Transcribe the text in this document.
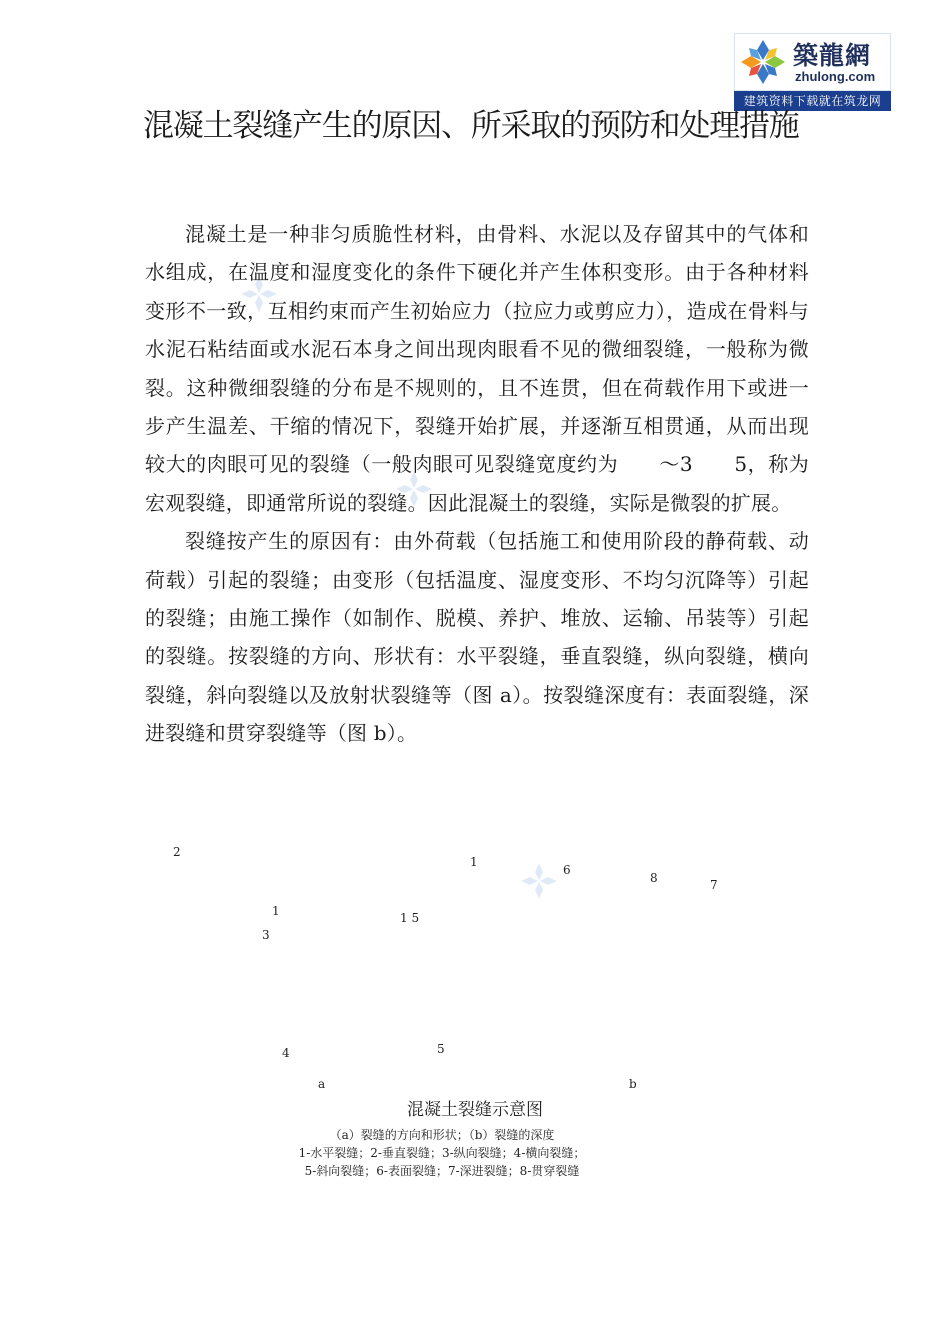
築龍網
zhulong.com
建筑资料下载就在筑龙网
混凝土裂缝产生的原因、所采取的预防和处理措施

混凝土是一种非匀质脆性材料，由骨料、水泥以及存留其中的气体和水组成，在温度和湿度变化的条件下硬化并产生体积变形。由于各种材料变形不一致，互相约束而产生初始应力（拉应力或剪应力），造成在骨料与水泥石粘结面或水泥石本身之间出现肉眼看不见的微细裂缝，一般称为微裂。这种微细裂缝的分布是不规则的，且不连贯，但在荷载作用下或进一步产生温差、干缩的情况下，裂缝开始扩展，并逐渐互相贯通，从而出现较大的肉眼可见的裂缝（一般肉眼可见裂缝宽度约为　　～3　　5，称为宏观裂缝，即通常所说的裂缝。因此混凝土的裂缝，实际是微裂的扩展。

裂缝按产生的原因有：由外荷载（包括施工和使用阶段的静荷载、动荷载）引起的裂缝；由变形（包括温度、湿度变形、不均匀沉降等）引起的裂缝；由施工操作（如制作、脱模、养护、堆放、运输、吊装等）引起的裂缝。按裂缝的方向、形状有：水平裂缝，垂直裂缝，纵向裂缝，横向裂缝，斜向裂缝以及放射状裂缝等（图 a）。按裂缝深度有：表面裂缝，深进裂缝和贯穿裂缝等（图 b）。

2
1
3
4
1 5
5
1
6
8	7
a	b
混凝土裂缝示意图
（a）裂缝的方向和形状；（b）裂缝的深度
1-水平裂缝；2-垂直裂缝；3-纵向裂缝；4-横向裂缝；
5-斜向裂缝；6-表面裂缝；7-深进裂缝；8-贯穿裂缝
